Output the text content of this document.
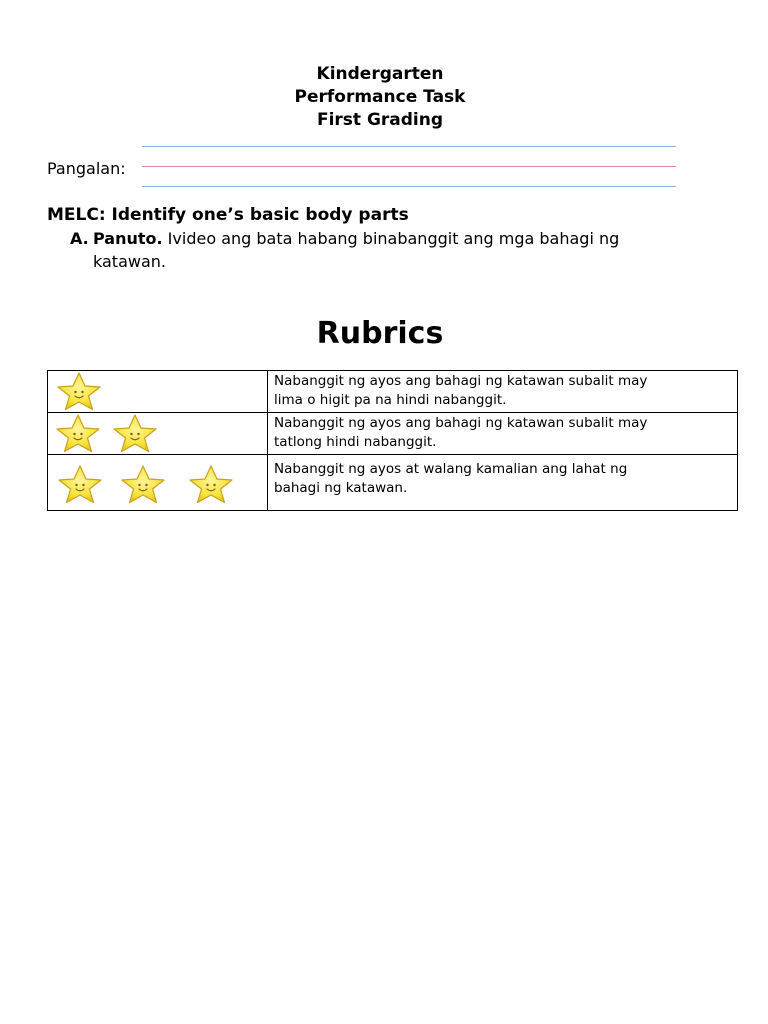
Kindergarten
Performance Task
First Grading
Pangalan:
MELC: Identify one’s basic body parts
A. Panuto. Ivideo ang bata habang binabanggit ang mga bahagi ng
katawan.
Rubrics

Nabanggit ng ayos ang bahagi ng katawan subalit may
lima o higit pa na hindi nabanggit.

Nabanggit ng ayos ang bahagi ng katawan subalit may
tatlong hindi nabanggit.

Nabanggit ng ayos at walang kamalian ang lahat ng
bahagi ng katawan.
